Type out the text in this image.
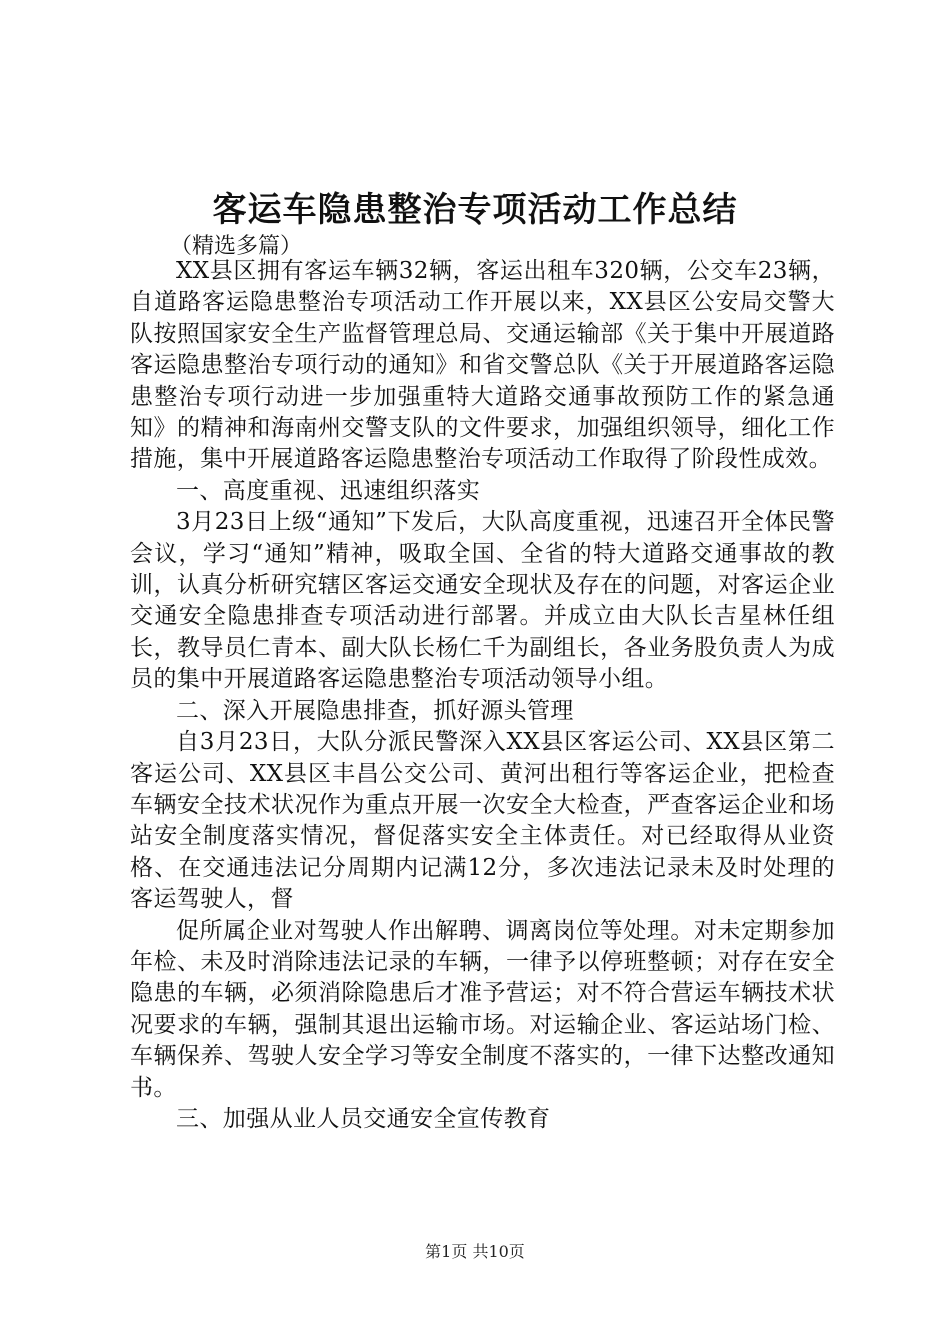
客运车隐患整治专项活动工作总结
（精选多篇）

XX县区拥有客运车辆32辆，客运出租车320辆，公交车23辆，自道路客运隐患整治专项活动工作开展以来，XX县区公安局交警大队按照国家安全生产监督管理总局、交通运输部《关于集中开展道路客运隐患整治专项行动的通知》和省交警总队《关于开展道路客运隐患整治专项行动进一步加强重特大道路交通事故预防工作的紧急通知》的精神和海南州交警支队的文件要求，加强组织领导，细化工作措施，集中开展道路客运隐患整治专项活动工作取得了阶段性成效。

一、高度重视、迅速组织落实

3月23日上级“通知”下发后，大队高度重视，迅速召开全体民警会议，学习“通知”精神，吸取全国、全省的特大道路交通事故的教训，认真分析研究辖区客运交通安全现状及存在的问题，对客运企业交通安全隐患排查专项活动进行部署。并成立由大队长吉星林任组长，教导员仁青本、副大队长杨仁千为副组长，各业务股负责人为成员的集中开展道路客运隐患整治专项活动领导小组。

二、深入开展隐患排查，抓好源头管理

自3月23日，大队分派民警深入XX县区客运公司、XX县区第二客运公司、XX县区丰昌公交公司、黄河出租行等客运企业，把检查车辆安全技术状况作为重点开展一次安全大检查，严查客运企业和场站安全制度落实情况，督促落实安全主体责任。对已经取得从业资格、在交通违法记分周期内记满12分，多次违法记录未及时处理的客运驾驶人，督

促所属企业对驾驶人作出解聘、调离岗位等处理。对未定期参加年检、未及时消除违法记录的车辆，一律予以停班整顿；对存在安全隐患的车辆，必须消除隐患后才准予营运；对不符合营运车辆技术状况要求的车辆，强制其退出运输市场。对运输企业、客运站场门检、车辆保养、驾驶人安全学习等安全制度不落实的，一律下达整改通知书。

三、加强从业人员交通安全宣传教育

第1页 共10页
